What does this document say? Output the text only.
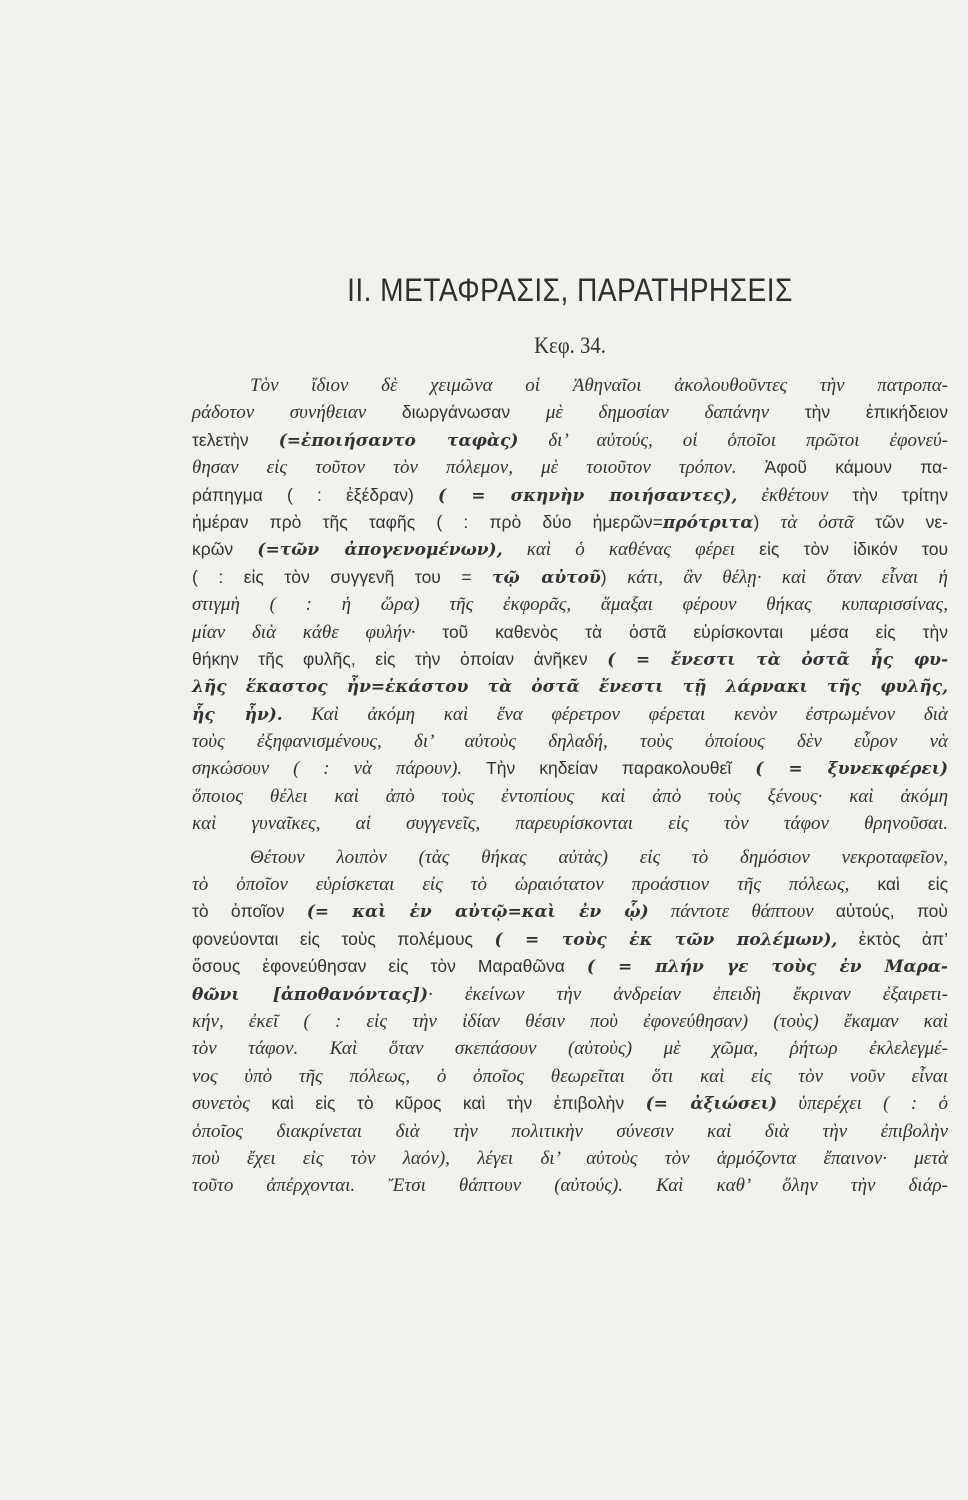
II. ΜΕΤΑΦΡΑΣΙΣ, ΠΑΡΑΤΗΡΗΣΕΙΣ
Κεφ. 34.
Τὸν ἴδιον δὲ χειμῶνα οἱ Ἀθηναῖοι ἀκολουθοῦντες τὴν πατροπα-
ράδοτον συνήθειαν διωργάνωσαν μὲ δημοσίαν δαπάνην τὴν ἐπικήδειον
τελετὴν (=ἐποιήσαντο ταφὰς) δι’ αὐτούς, οἱ ὁποῖοι πρῶτοι ἐφονεύ-
θησαν εἰς τοῦτον τὸν πόλεμον, μὲ τοιοῦτον τρόπον. Ἀφοῦ κάμουν πα-
ράπηγμα ( : ἐξέδραν) ( = σκηνὴν ποιήσαντες), ἐκθέτουν τὴν τρίτην
ἡμέραν πρὸ τῆς ταφῆς ( : πρὸ δύο ἡμερῶν=πρότριτα) τὰ ὀστᾶ τῶν νε-
κρῶν (=τῶν ἀπογενομένων), καὶ ὁ καθένας φέρει εἰς τὸν ἰδικόν του
( : εἰς τὸν συγγενῆ του = τῷ αὐτοῦ) κάτι, ἂν θέλῃ· καὶ ὅταν εἶναι ἡ
στιγμὴ ( : ἡ ὥρα) τῆς ἐκφορᾶς, ἅμαξαι φέρουν θήκας κυπαρισσίνας,
μίαν διὰ κάθε φυλήν· τοῦ καθενὸς τὰ ὀστᾶ εὑρίσκονται μέσα εἰς τὴν
θήκην τῆς φυλῆς, εἰς τὴν ὁποίαν ἀνῆκεν ( = ἔνεστι τὰ ὀστᾶ ἧς φυ-
λῆς ἕκαστος ἦν=ἑκάστου τὰ ὀστᾶ ἔνεστι τῇ λάρνακι τῆς φυλῆς,
ἧς ἦν). Καὶ ἀκόμη καὶ ἕνα φέρετρον φέρεται κενὸν ἐστρωμένον διὰ
τοὺς ἐξηφανισμένους, δι’ αὐτοὺς δηλαδή, τοὺς ὁποίους δὲν εὗρον νὰ
σηκώσουν ( : νὰ πάρουν). Τὴν κηδείαν παρακολουθεῖ ( = ξυνεκφέρει)
ὅποιος θέλει καὶ ἀπὸ τοὺς ἐντοπίους καὶ ἀπὸ τοὺς ξένους· καὶ ἀκόμη
καὶ γυναῖκες, αἱ συγγενεῖς, παρευρίσκονται εἰς τὸν τάφον θρηνοῦσαι.
Θέτουν λοιπὸν (τὰς θήκας αὐτὰς) εἰς τὸ δημόσιον νεκροταφεῖον,
τὸ ὁποῖον εὑρίσκεται εἰς τὸ ὡραιότατον προάστιον τῆς πόλεως, καὶ εἰς
τὸ ὁποῖον (= καὶ ἐν αὐτῷ=καὶ ἐν ᾧ) πάντοτε θάπτουν αὐτούς, ποὺ
φονεύονται εἰς τοὺς πολέμους ( = τοὺς ἐκ τῶν πολέμων), ἐκτὸς ἀπ’
ὅσους ἐφονεύθησαν εἰς τὸν Μαραθῶνα ( = πλήν γε τοὺς ἐν Μαρα-
θῶνι [ἀποθανόντας])· ἐκείνων τὴν ἀνδρείαν ἐπειδὴ ἔκριναν ἐξαιρετι-
κήν, ἐκεῖ ( : εἰς τὴν ἰδίαν θέσιν ποὺ ἐφονεύθησαν) (τοὺς) ἔκαμαν καὶ
τὸν τάφον. Καὶ ὅταν σκεπάσουν (αὐτοὺς) μὲ χῶμα, ῥήτωρ ἐκλελεγμέ-
νος ὑπὸ τῆς πόλεως, ὁ ὁποῖος θεωρεῖται ὅτι καὶ εἰς τὸν νοῦν εἶναι
συνετὸς καὶ εἰς τὸ κῦρος καὶ τὴν ἐπιβολὴν (= ἀξιώσει) ὑπερέχει ( : ὁ
ὁποῖος διακρίνεται διὰ τὴν πολιτικὴν σύνεσιν καὶ διὰ τὴν ἐπιβολὴν
ποὺ ἔχει εἰς τὸν λαόν), λέγει δι’ αὐτοὺς τὸν ἁρμόζοντα ἔπαινον· μετὰ
τοῦτο ἀπέρχονται. Ἔτσι θάπτουν (αὐτούς). Καὶ καθ’ ὅλην τὴν διάρ-
